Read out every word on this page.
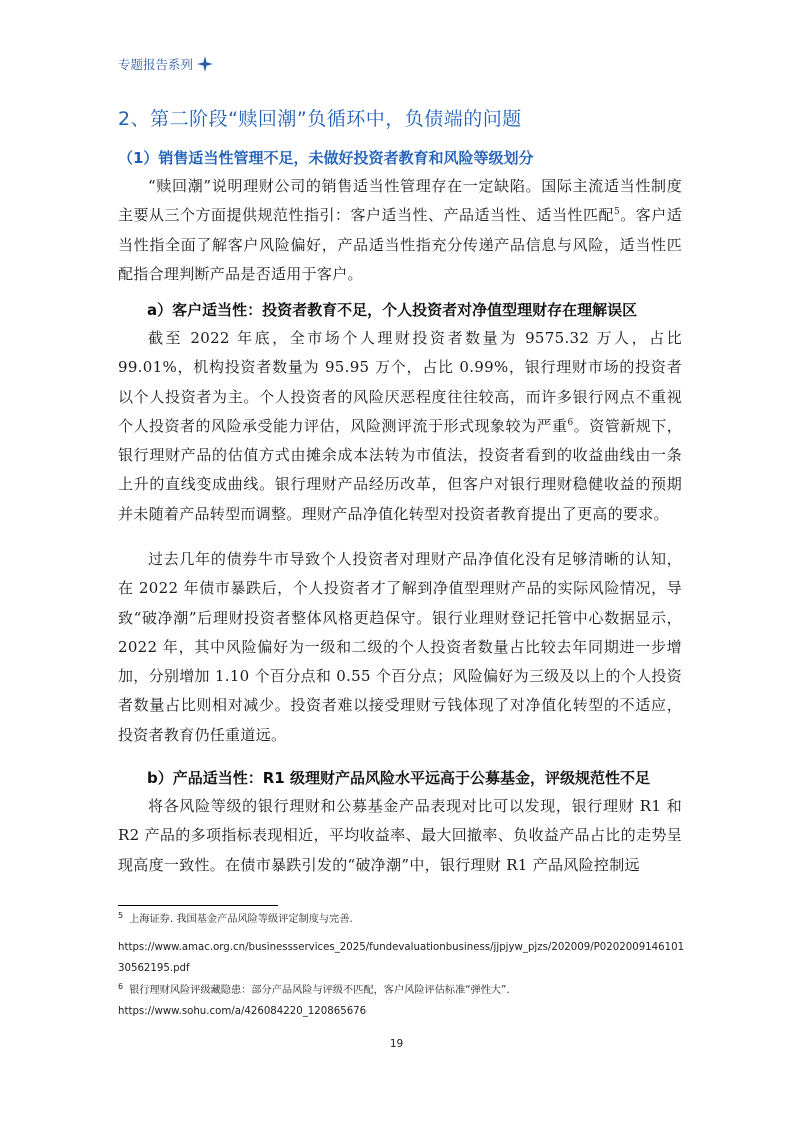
专题报告系列
2、第二阶段“赎回潮”负循环中，负债端的问题
（1）销售适当性管理不足，未做好投资者教育和风险等级划分

“赎回潮”说明理财公司的销售适当性管理存在一定缺陷。国际主流适当性制度主要从三个方面提供规范性指引：客户适当性、产品适当性、适当性匹配$^5$。客户适当性指全面了解客户风险偏好，产品适当性指充分传递产品信息与风险，适当性匹配指合理判断产品是否适用于客户。

a）客户适当性：投资者教育不足，个人投资者对净值型理财存在理解误区

截至 2022 年底，全市场个人理财投资者数量为 9575.32 万人，占比 99.01%，机构投资者数量为 95.95 万个，占比 0.99%，银行理财市场的投资者以个人投资者为主。个人投资者的风险厌恶程度往往较高，而许多银行网点不重视个人投资者的风险承受能力评估，风险测评流于形式现象较为严重$^6$。资管新规下，银行理财产品的估值方式由摊余成本法转为市值法，投资者看到的收益曲线由一条上升的直线变成曲线。银行理财产品经历改革，但客户对银行理财稳健收益的预期并未随着产品转型而调整。理财产品净值化转型对投资者教育提出了更高的要求。

过去几年的债券牛市导致个人投资者对理财产品净值化没有足够清晰的认知，在 2022 年债市暴跌后，个人投资者才了解到净值型理财产品的实际风险情况，导致“破净潮”后理财投资者整体风格更趋保守。银行业理财登记托管中心数据显示，2022 年，其中风险偏好为一级和二级的个人投资者数量占比较去年同期进一步增加，分别增加 1.10 个百分点和 0.55 个百分点；风险偏好为三级及以上的个人投资者数量占比则相对减少。投资者难以接受理财亏钱体现了对净值化转型的不适应，投资者教育仍任重道远。

b）产品适当性：R1 级理财产品风险水平远高于公募基金，评级规范性不足

将各风险等级的银行理财和公募基金产品表现对比可以发现，银行理财 R1 和 R2 产品的多项指标表现相近，平均收益率、最大回撤率、负收益产品占比的走势呈现高度一致性。在债市暴跌引发的“破净潮”中，银行理财 R1 产品风险控制远

$^5$ 上海证券. 我国基金产品风险等级评定制度与完善.
https://www.amac.org.cn/businessservices_2025/fundevaluationbusiness/jjpjyw_pjzs/202009/P020200914610130562195.pdf
$^6$ 银行理财风险评级藏隐患：部分产品风险与评级不匹配，客户风险评估标准“弹性大”.
https://www.sohu.com/a/426084220_120865676
19
